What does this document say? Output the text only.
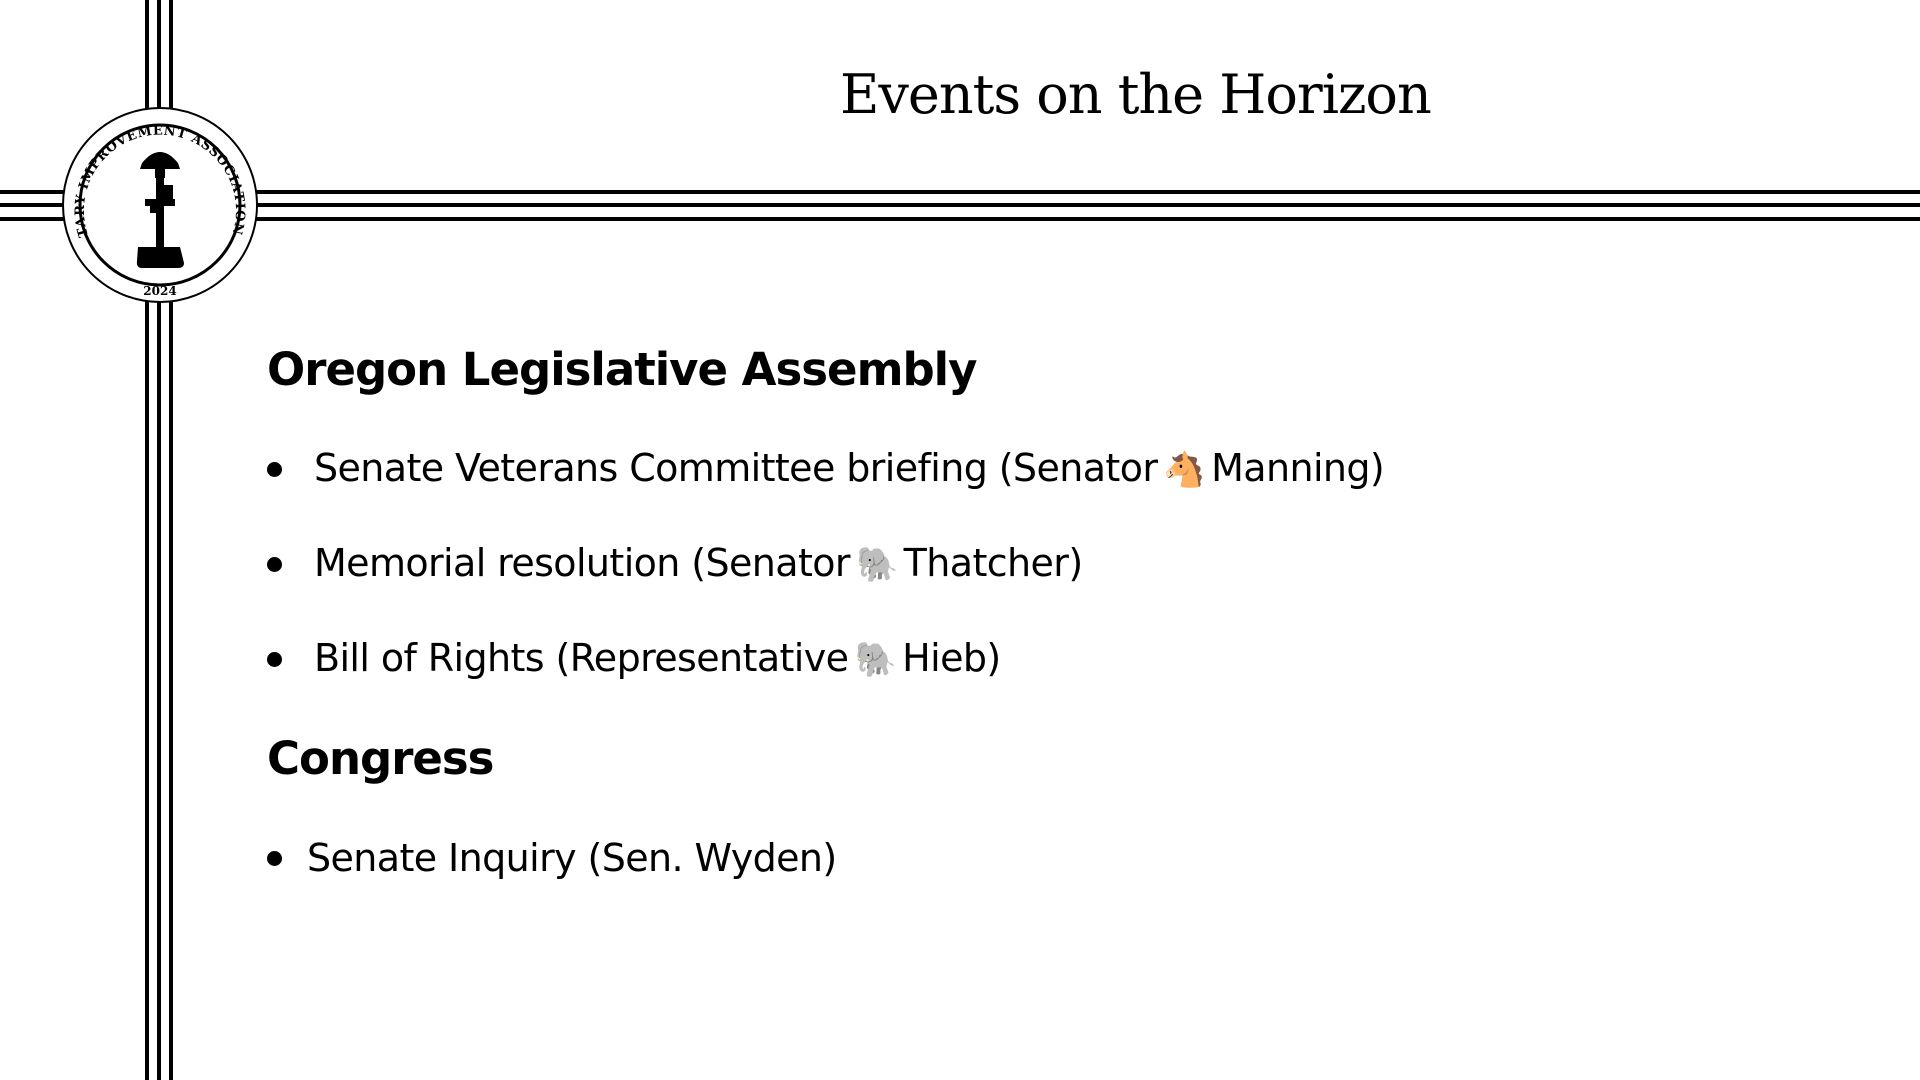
TARY IMPROVEMENT ASSOCIATION
2024
Events on the Horizon
Oregon Legislative Assembly
Senate Veterans Committee briefing (Senator 🐴 Manning)
Memorial resolution (Senator 🐘 Thatcher)
Bill of Rights (Representative 🐘 Hieb)
Congress
Senate Inquiry (Sen. Wyden)
